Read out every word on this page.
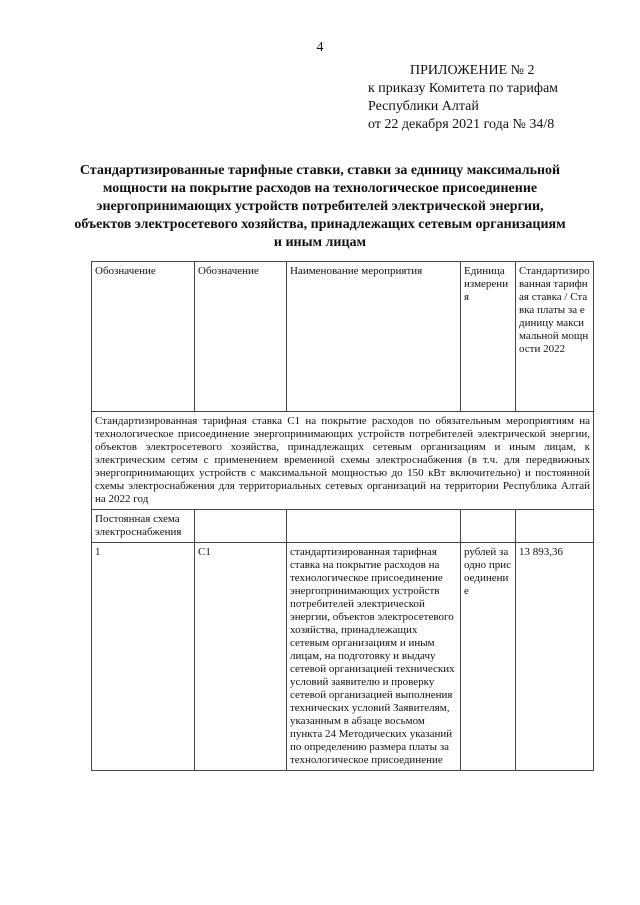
4
ПРИЛОЖЕНИЕ № 2
к приказу Комитета по тарифам
Республики Алтай
от 22 декабря 2021 года № 34/8
Стандартизированные тарифные ставки, ставки за единицу максимальной мощности на покрытие расходов на технологическое присоединение энергопринимающих устройств потребителей электрической энергии, объектов электросетевого хозяйства, принадлежащих сетевым организациям и иным лицам
Обозначение	Обозначение	Наименование мероприятия	Единица измерения	Стандартизированная тарифная ставка / Ставка платы за единицу максимальной мощности 2022
Стандартизированная тарифная ставка С1 на покрытие расходов по обязательным мероприятиям на технологическое присоединение энергопринимающих устройств потребителей электрической энергии, объектов электросетевого хозяйства, принадлежащих сетевым организациям и иным лицам, к электрическим сетям с применением временной схемы электроснабжения (в т.ч. для передвижных энергопринимающих устройств с максимальной мощностью до 150 кВт включительно) и постоянной схемы электроснабжения для территориальных сетевых организаций на территории Республика Алтай на 2022 год				
Постоянная схема электроснабжения				
1	С1	стандартизированная тарифная ставка на покрытие расходов на технологическое присоединение энергопринимающих устройств потребителей электрической энергии, объектов электросетевого хозяйства, принадлежащих сетевым организациям и иным лицам, на подготовку и выдачу сетевой организацией технических условий заявителю и проверку сетевой организацией выполнения технических условий Заявителям, указанным в абзаце восьмом пункта 24 Методических указаний по определению размера платы за технологическое присоединение	рублей за одно присоединение	13 893,36
